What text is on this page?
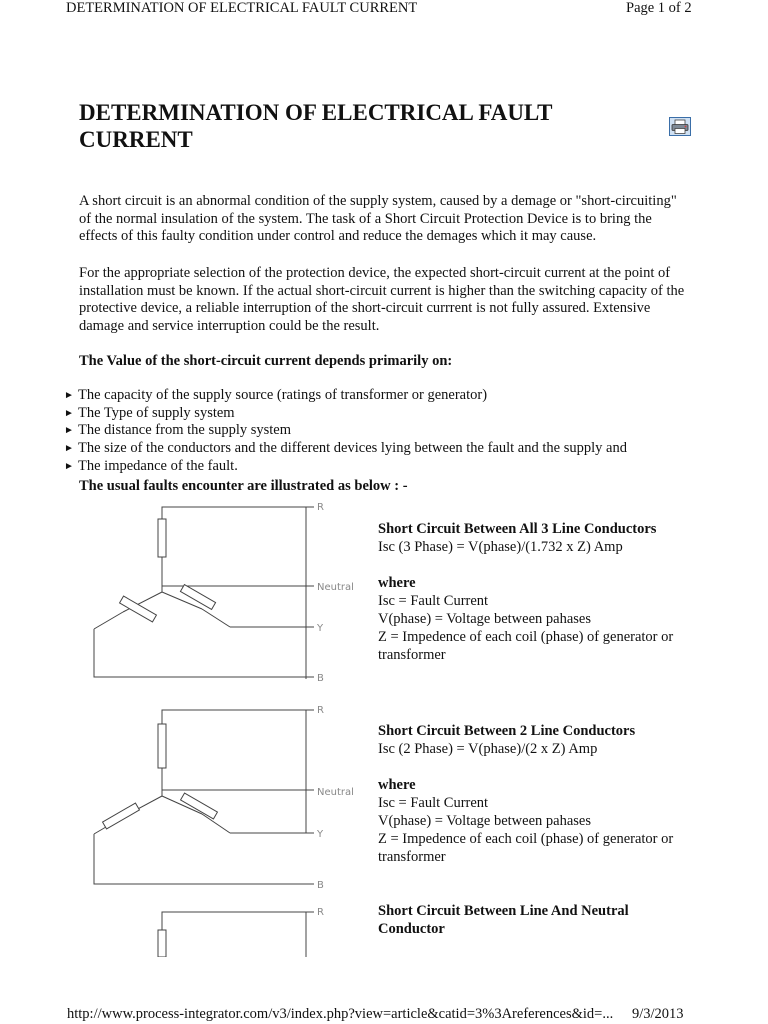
DETERMINATION OF ELECTRICAL FAULT CURRENT	Page 1 of 2
DETERMINATION OF ELECTRICAL FAULT
CURRENT

A short circuit is an abnormal condition of the supply system, caused by a demage or "short-circuiting" of the normal insulation of the system. The task of a Short Circuit Protection Device is to bring the effects of this faulty condition under control and reduce the demages which it may cause.

For the appropriate selection of the protection device, the expected short-circuit current at the point of installation must be known. If the actual short-circuit current is higher than the switching capacity of the protective device, a reliable interruption of the short-circuit currrent is not fully assured. Extensive damage and service interruption could be the result.

The Value of the short-circuit current depends primarily on:
► The capacity of the supply source (ratings of transformer or generator)
► The Type of supply system
► The distance from the supply system
► The size of the conductors and the different devices lying between the fault and the supply and
► The impedance of the fault.
The usual faults encounter are illustrated as below : -
R
Neutral
Y
B
Short Circuit Between All 3 Line Conductors
Isc (3 Phase) = V(phase)/(1.732 x Z) Amp
where
Isc = Fault Current
V(phase) = Voltage between pahases
Z = Impedence of each coil (phase) of generator or transformer
R
Neutral
Y
B
Short Circuit Between 2 Line Conductors
Isc (2 Phase) = V(phase)/(2 x Z) Amp
where
Isc = Fault Current
V(phase) = Voltage between pahases
Z = Impedence of each coil (phase) of generator or transformer
R	Short Circuit Between Line And Neutral Conductor
http://www.process-integrator.com/v3/index.php?view=article&catid=3%3Areferences&id=... 9/3/2013
